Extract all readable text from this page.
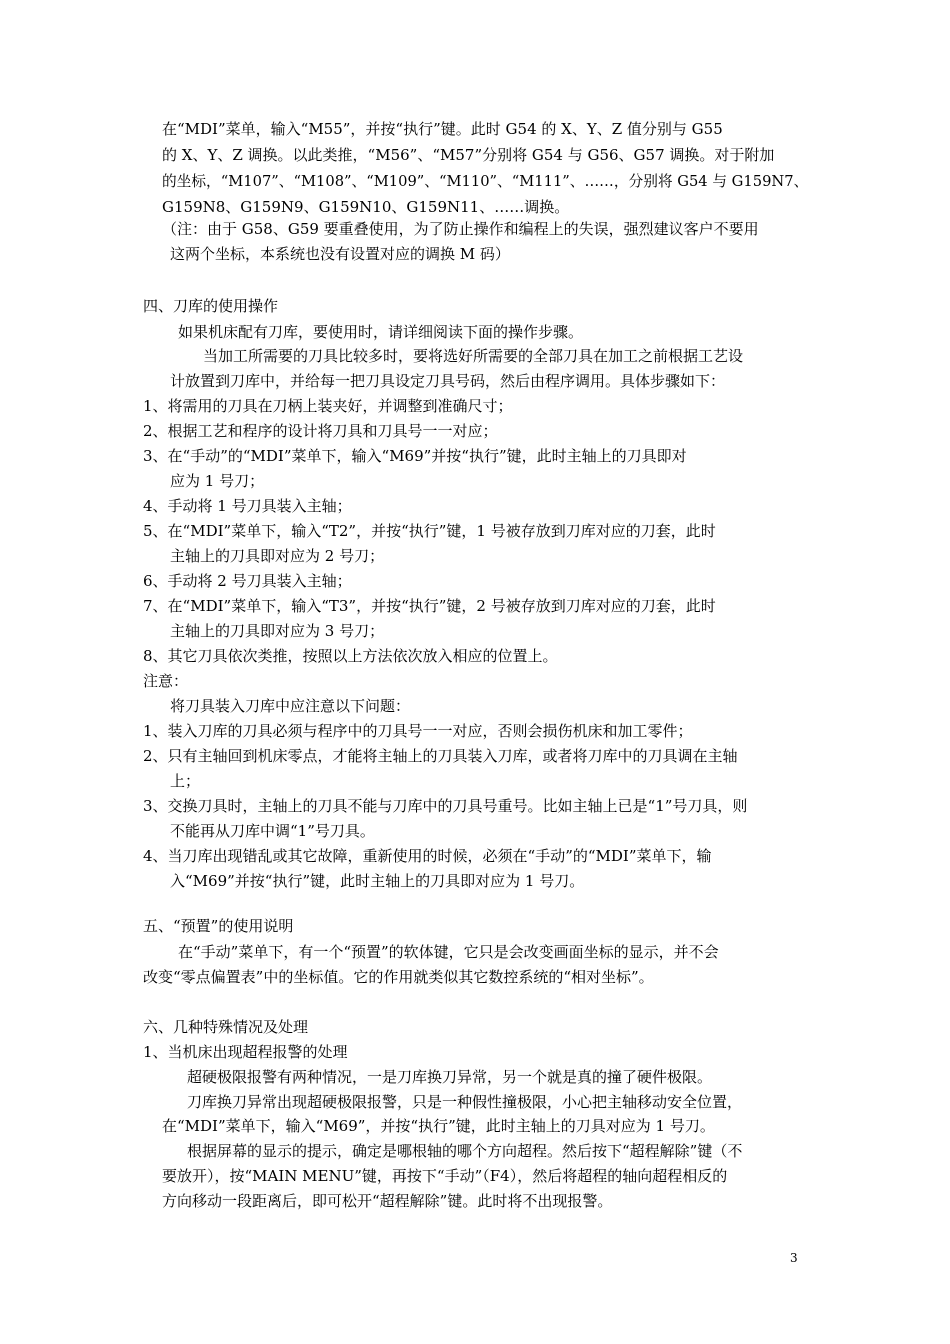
在“MDI”菜单，输入“M55”，并按“执行”键。此时 G54 的 X、Y、Z 值分别与 G55
的 X、Y、Z 调换。以此类推，“M56”、“M57”分别将 G54 与 G56、G57 调换。对于附加
的坐标，“M107”、“M108”、“M109”、“M110”、“M111”、……，分别将 G54 与 G159N7、
G159N8、G159N9、G159N10、G159N11、……调换。
（注：由于 G58、G59 要重叠使用，为了防止操作和编程上的失误，强烈建议客户不要用
这两个坐标，本系统也没有设置对应的调换 M 码）
四、刀库的使用操作
如果机床配有刀库，要使用时，请详细阅读下面的操作步骤。
当加工所需要的刀具比较多时，要将选好所需要的全部刀具在加工之前根据工艺设
计放置到刀库中，并给每一把刀具设定刀具号码，然后由程序调用。具体步骤如下：
1、将需用的刀具在刀柄上装夹好，并调整到准确尺寸；
2、根据工艺和程序的设计将刀具和刀具号一一对应；
3、在“手动”的“MDI”菜单下，输入“M69”并按“执行”键，此时主轴上的刀具即对
应为 1 号刀；
4、手动将 1 号刀具装入主轴；
5、在“MDI”菜单下，输入“T2”，并按“执行”键，1 号被存放到刀库对应的刀套，此时
主轴上的刀具即对应为 2 号刀；
6、手动将 2 号刀具装入主轴；
7、在“MDI”菜单下，输入“T3”，并按“执行”键，2 号被存放到刀库对应的刀套，此时
主轴上的刀具即对应为 3 号刀；
8、其它刀具依次类推，按照以上方法依次放入相应的位置上。
注意：
将刀具装入刀库中应注意以下问题：
1、装入刀库的刀具必须与程序中的刀具号一一对应，否则会损伤机床和加工零件；
2、只有主轴回到机床零点，才能将主轴上的刀具装入刀库，或者将刀库中的刀具调在主轴
上；
3、交换刀具时，主轴上的刀具不能与刀库中的刀具号重号。比如主轴上已是“1”号刀具，则
不能再从刀库中调“1”号刀具。
4、当刀库出现错乱或其它故障，重新使用的时候，必须在“手动”的“MDI”菜单下，输
入“M69”并按“执行”键，此时主轴上的刀具即对应为 1 号刀。
五、“预置”的使用说明
在“手动”菜单下，有一个“预置”的软体键，它只是会改变画面坐标的显示，并不会
改变“零点偏置表”中的坐标值。它的作用就类似其它数控系统的“相对坐标”。
六、几种特殊情况及处理
1、当机床出现超程报警的处理
超硬极限报警有两种情况，一是刀库换刀异常，另一个就是真的撞了硬件极限。
刀库换刀异常出现超硬极限报警，只是一种假性撞极限，小心把主轴移动安全位置，
在“MDI”菜单下，输入“M69”，并按“执行”键，此时主轴上的刀具对应为 1 号刀。
根据屏幕的显示的提示，确定是哪根轴的哪个方向超程。然后按下“超程解除”键（不
要放开），按“MAIN MENU”键，再按下“手动”（F4），然后将超程的轴向超程相反的
方向移动一段距离后，即可松开“超程解除”键。此时将不出现报警。
3
